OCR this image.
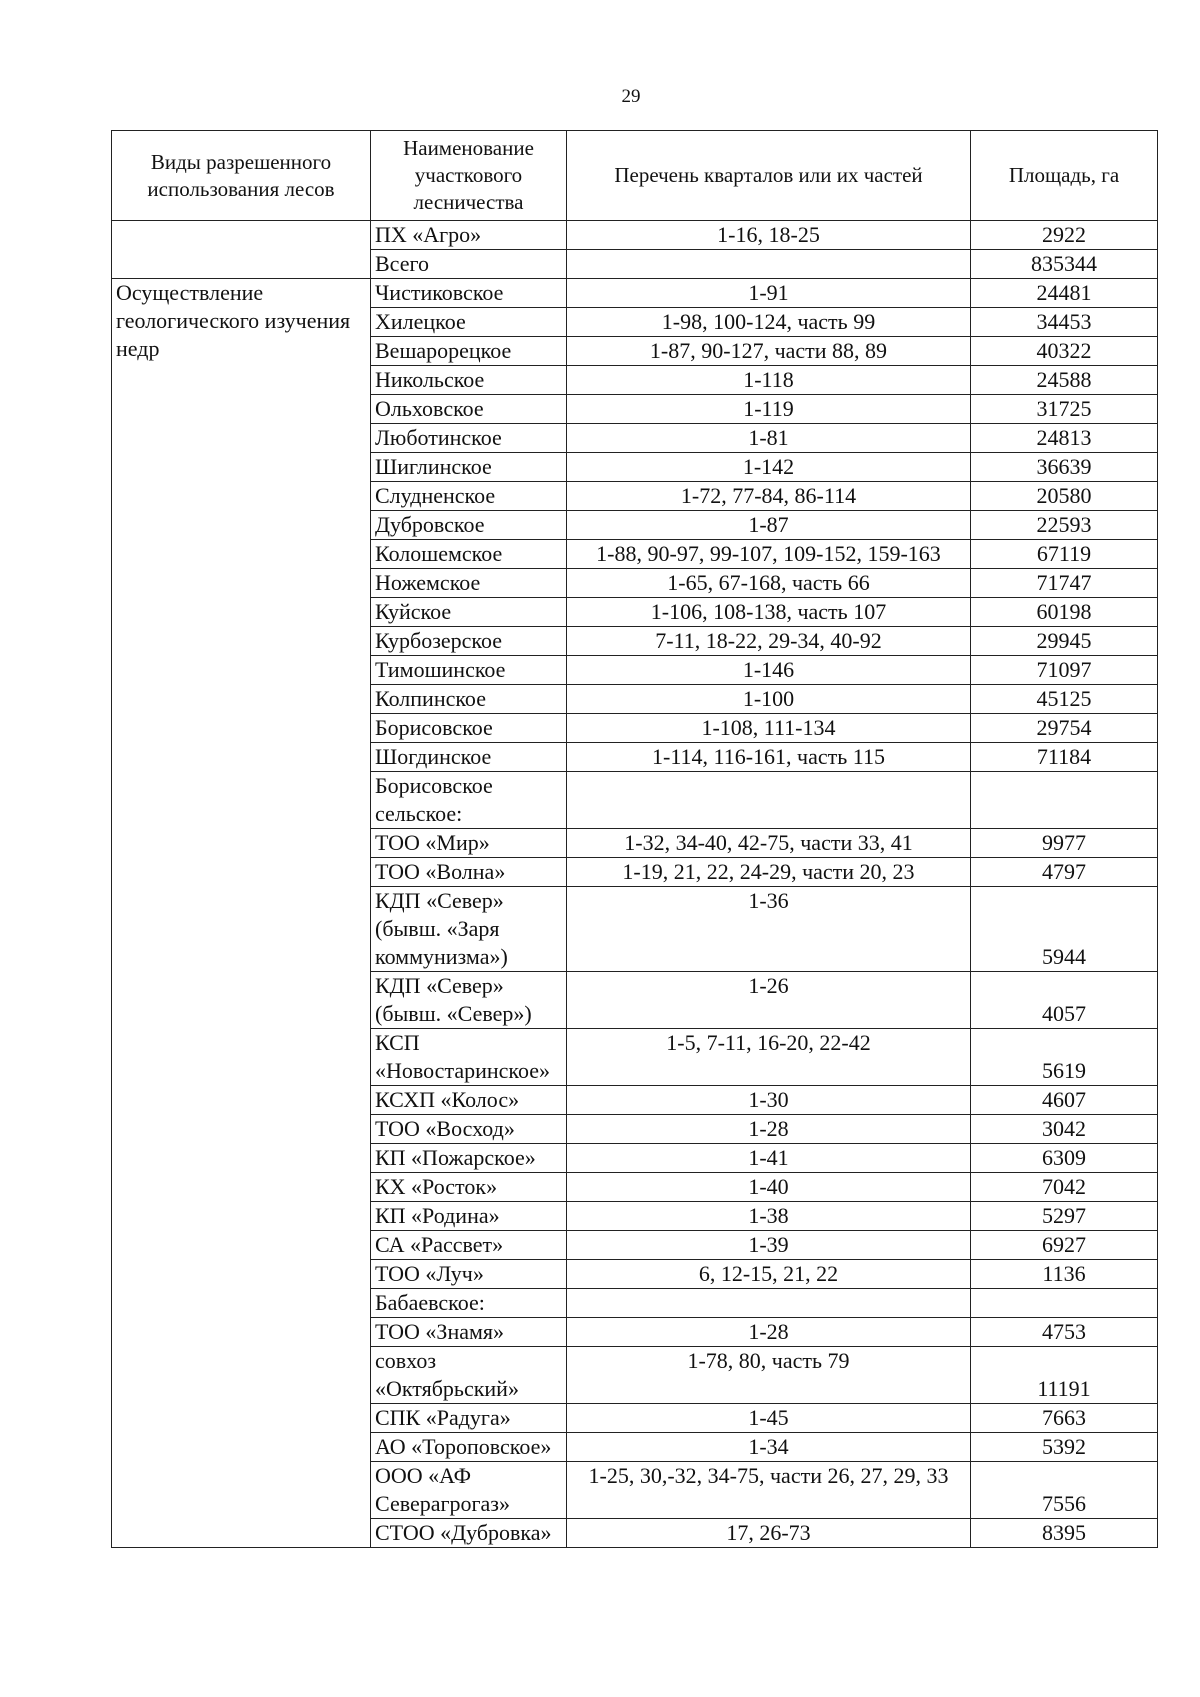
29
Виды разрешенного использования лесов	Наименование участкового лесничества	Перечень кварталов или их частей	Площадь, га
	ПХ «Агро»	1-16, 18-25	2922
	Всего		835344
Осуществление геологического изучения недр	Чистиковское	1-91	24481
	Хилецкое	1-98, 100-124, часть 99	34453
	Вешарорецкое	1-87, 90-127, части 88, 89	40322
	Никольское	1-118	24588
	Ольховское	1-119	31725
	Люботинское	1-81	24813
	Шиглинское	1-142	36639
	Слудненское	1-72, 77-84, 86-114	20580
	Дубровское	1-87	22593
	Колошемское	1-88, 90-97, 99-107, 109-152, 159-163	67119
	Ножемское	1-65, 67-168, часть 66	71747
	Куйское	1-106, 108-138, часть 107	60198
	Курбозерское	7-11, 18-22, 29-34, 40-92	29945
	Тимошинское	1-146	71097
	Колпинское	1-100	45125
	Борисовское	1-108, 111-134	29754
	Шогдинское	1-114, 116-161, часть 115	71184
	Борисовское сельское:		
	ТОО «Мир»	1-32, 34-40, 42-75, части 33, 41	9977
	ТОО «Волна»	1-19, 21, 22, 24-29, части 20, 23	4797
	КДП «Север» (бывш. «Заря коммунизма»)	1-36	5944
	КДП «Север» (бывш. «Север»)	1-26	4057
	КСП «Новостаринское»	1-5, 7-11, 16-20, 22-42	5619
	КСХП «Колос»	1-30	4607
	ТОО «Восход»	1-28	3042
	КП «Пожарское»	1-41	6309
	КХ «Росток»	1-40	7042
	КП «Родина»	1-38	5297
	СА «Рассвет»	1-39	6927
	ТОО «Луч»	6, 12-15, 21, 22	1136
	Бабаевское:		
	ТОО «Знамя»	1-28	4753
	совхоз «Октябрьский»	1-78, 80, часть 79	11191
	СПК «Радуга»	1-45	7663
	АО «Тороповское»	1-34	5392
	ООО «АФ Севеpагрогаз»	1-25, 30,-32, 34-75, части 26, 27, 29, 33	7556
	СТОО «Дубровка»	17, 26-73	8395
